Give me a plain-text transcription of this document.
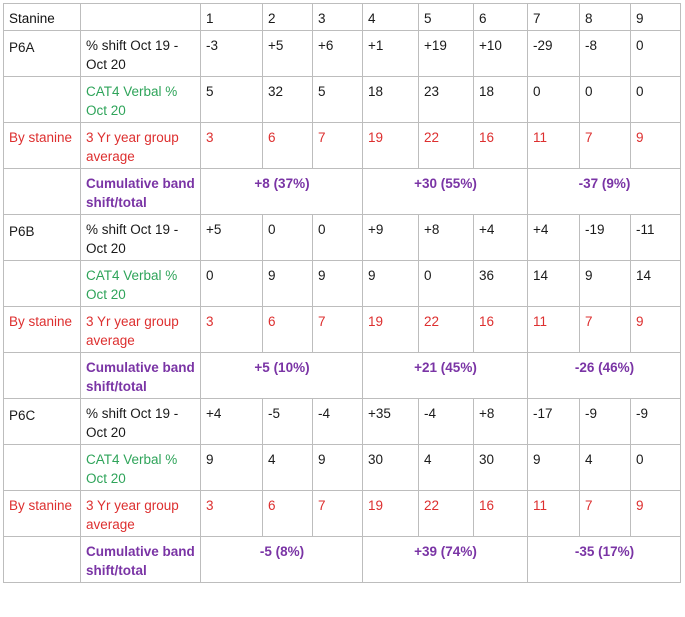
Stanine		1	2	3	4	5	6	7	8	9
P6A	% shift Oct 19 - Oct 20	-3	+5	+6	+1	+19	+10	-29	-8	0
	CAT4 Verbal % Oct 20	5	32	5	18	23	18	0	0	0
By stanine	3 Yr year group average	3	6	7	19	22	16	11	7	9
	Cumulative band shift/total	+8 (37%)			+30 (55%)			-37 (9%)		
P6B	% shift Oct 19 - Oct 20	+5	0	0	+9	+8	+4	+4	-19	-11
	CAT4 Verbal % Oct 20	0	9	9	9	0	36	14	9	14
By stanine	3 Yr year group average	3	6	7	19	22	16	11	7	9
	Cumulative band shift/total	+5 (10%)			+21 (45%)			-26 (46%)		
P6C	% shift Oct 19 - Oct 20	+4	-5	-4	+35	-4	+8	-17	-9	-9
	CAT4 Verbal % Oct 20	9	4	9	30	4	30	9	4	0
By stanine	3 Yr year group average	3	6	7	19	22	16	11	7	9
	Cumulative band shift/total	-5 (8%)			+39 (74%)			-35 (17%)		
